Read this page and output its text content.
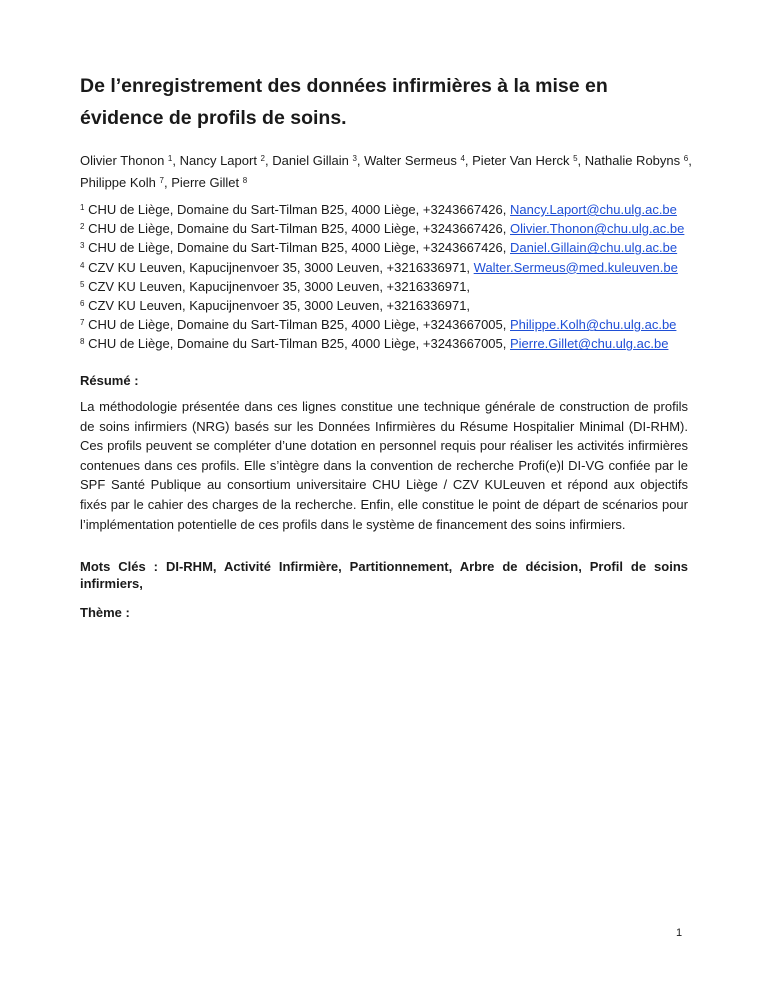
De l’enregistrement des données infirmières à la mise en évidence de profils de soins.
Olivier Thonon $^1$, Nancy Laport $^2$, Daniel Gillain $^3$, Walter Sermeus $^4$, Pieter Van Herck $^5$, Nathalie Robyns $^6$,
Philippe Kolh $^7$, Pierre Gillet $^8$
$^1$ CHU de Liège, Domaine du Sart-Tilman B25, 4000 Liège, +3243667426, Nancy.Laport@chu.ulg.ac.be
$^2$ CHU de Liège, Domaine du Sart-Tilman B25, 4000 Liège, +3243667426, Olivier.Thonon@chu.ulg.ac.be
$^3$ CHU de Liège, Domaine du Sart-Tilman B25, 4000 Liège, +3243667426, Daniel.Gillain@chu.ulg.ac.be
$^4$ CZV KU Leuven, Kapucijnenvoer 35, 3000 Leuven, +3216336971, Walter.Sermeus@med.kuleuven.be
$^5$ CZV KU Leuven, Kapucijnenvoer 35, 3000 Leuven, +3216336971,
$^6$ CZV KU Leuven, Kapucijnenvoer 35, 3000 Leuven, +3216336971,
$^7$ CHU de Liège, Domaine du Sart-Tilman B25, 4000 Liège, +3243667005, Philippe.Kolh@chu.ulg.ac.be
$^8$ CHU de Liège, Domaine du Sart-Tilman B25, 4000 Liège, +3243667005, Pierre.Gillet@chu.ulg.ac.be
Résumé :
La méthodologie présentée dans ces lignes constitue une technique générale de construction de profils de soins infirmiers (NRG) basés sur les Données Infirmières du Résume Hospitalier Minimal (DI-RHM). Ces profils peuvent se compléter d’une dotation en personnel requis pour réaliser les activités infirmières contenues dans ces profils. Elle s’intègre dans la convention de recherche Profi(e)l DI-VG confiée par le SPF Santé Publique au consortium universitaire CHU Liège / CZV KULeuven et répond aux objectifs fixés par le cahier des charges de la recherche. Enfin, elle constitue le point de départ de scénarios pour l’implémentation potentielle de ces profils dans le système de financement des soins infirmiers.
Mots Clés : DI-RHM, Activité Infirmière, Partitionnement, Arbre de décision, Profil de soins infirmiers,
Thème :
1
